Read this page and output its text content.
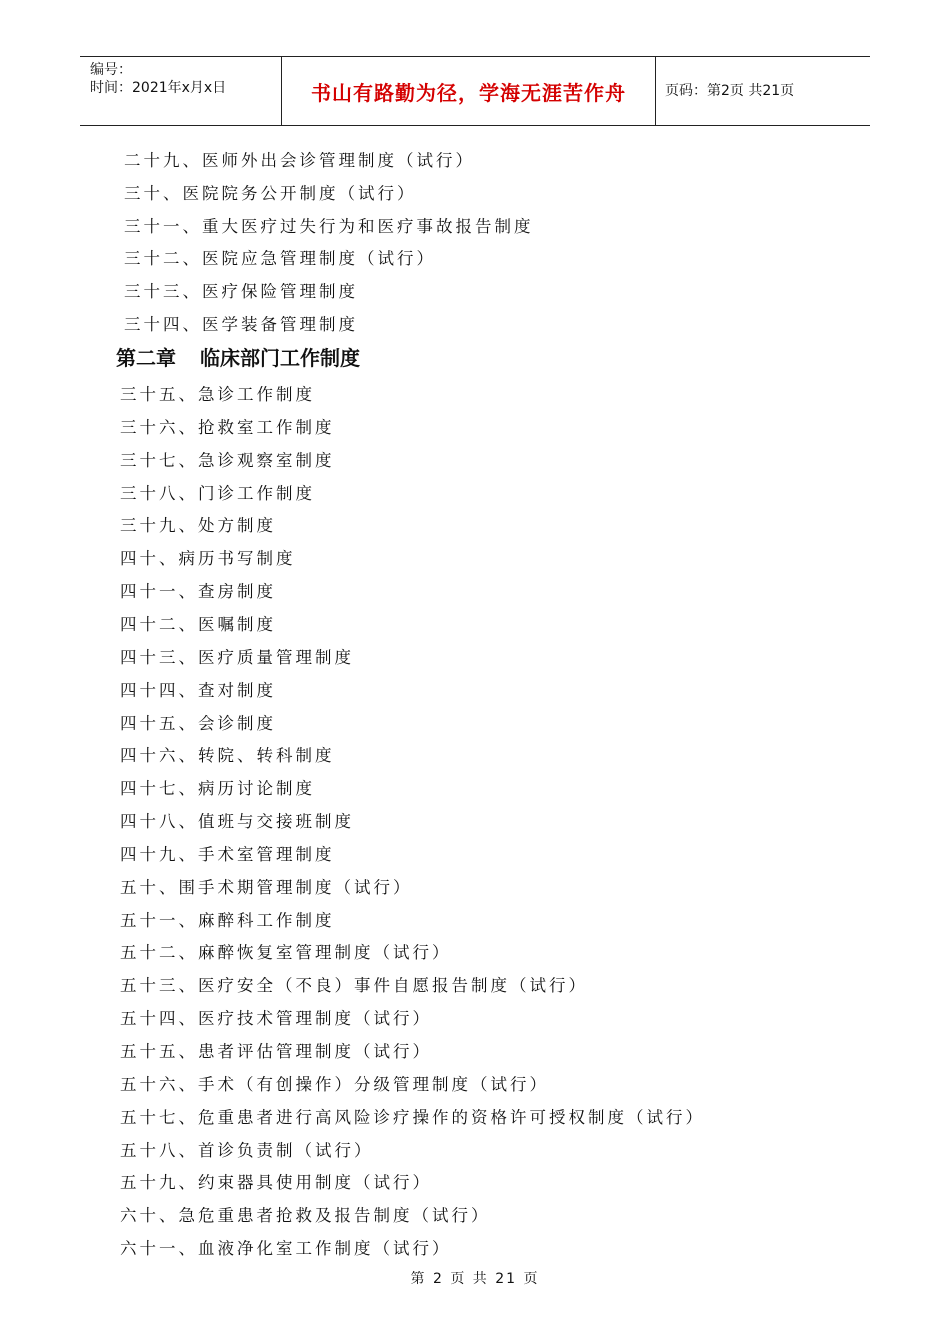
编号：
时间：2021年x月x日	书山有路勤为径，学海无涯苦作舟	页码：第2页 共21页
二十九、医师外出会诊管理制度（试行）
三十、医院院务公开制度（试行）
三十一、重大医疗过失行为和医疗事故报告制度
三十二、医院应急管理制度（试行）
三十三、医疗保险管理制度
三十四、医学装备管理制度
第二章 临床部门工作制度
三十五、急诊工作制度
三十六、抢救室工作制度
三十七、急诊观察室制度
三十八、门诊工作制度
三十九、处方制度
四十、病历书写制度
四十一、查房制度
四十二、医嘱制度
四十三、医疗质量管理制度
四十四、查对制度
四十五、会诊制度
四十六、转院、转科制度
四十七、病历讨论制度
四十八、值班与交接班制度
四十九、手术室管理制度
五十、围手术期管理制度（试行）
五十一、麻醉科工作制度
五十二、麻醉恢复室管理制度（试行）
五十三、医疗安全（不良）事件自愿报告制度（试行）
五十四、医疗技术管理制度（试行）
五十五、患者评估管理制度（试行）
五十六、手术（有创操作）分级管理制度（试行）
五十七、危重患者进行高风险诊疗操作的资格许可授权制度（试行）
五十八、首诊负责制（试行）
五十九、约束器具使用制度（试行）
六十、急危重患者抢救及报告制度（试行）
六十一、血液净化室工作制度（试行）
第 2 页 共 21 页
